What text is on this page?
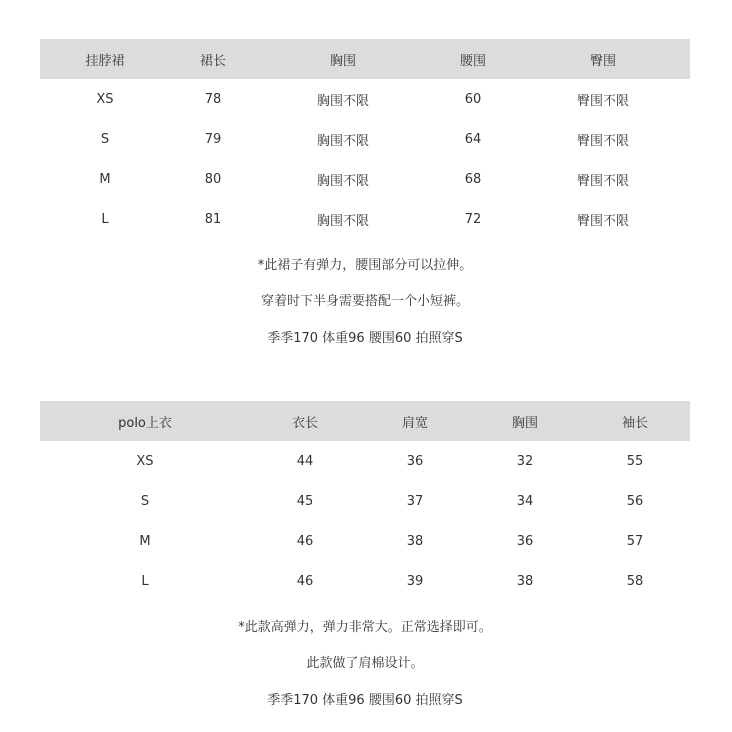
挂脖裙	裙长	胸围	腰围	臀围
XS	78	胸围不限	60	臀围不限
S	79	胸围不限	64	臀围不限
M	80	胸围不限	68	臀围不限
L	81	胸围不限	72	臀围不限
*此裙子有弹力，腰围部分可以拉伸。
穿着时下半身需要搭配一个小短裤。
季季170 体重96 腰围60 拍照穿S
polo上衣	衣长	肩宽	胸围	袖长
XS	44	36	32	55
S	45	37	34	56
M	46	38	36	57
L	46	39	38	58
*此款高弹力，弹力非常大。正常选择即可。
此款做了肩棉设计。
季季170 体重96 腰围60 拍照穿S
